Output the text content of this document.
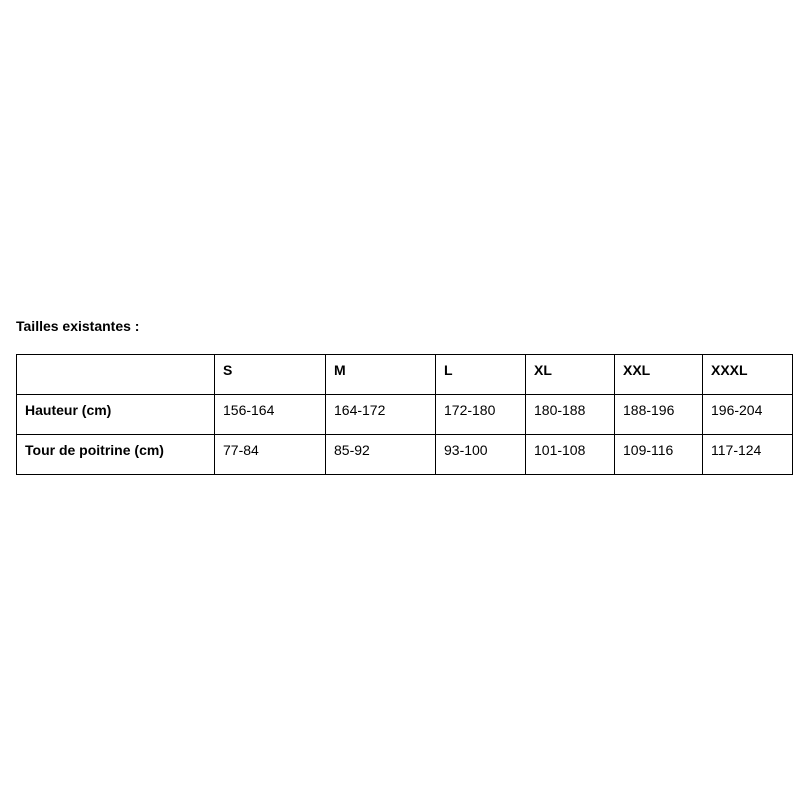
Tailles existantes :
	S	M	L	XL	XXL	XXXL
Hauteur (cm)	156-164	164-172	172-180	180-188	188-196	196-204
Tour de poitrine (cm)	77-84	85-92	93-100	101-108	109-116	117-124
